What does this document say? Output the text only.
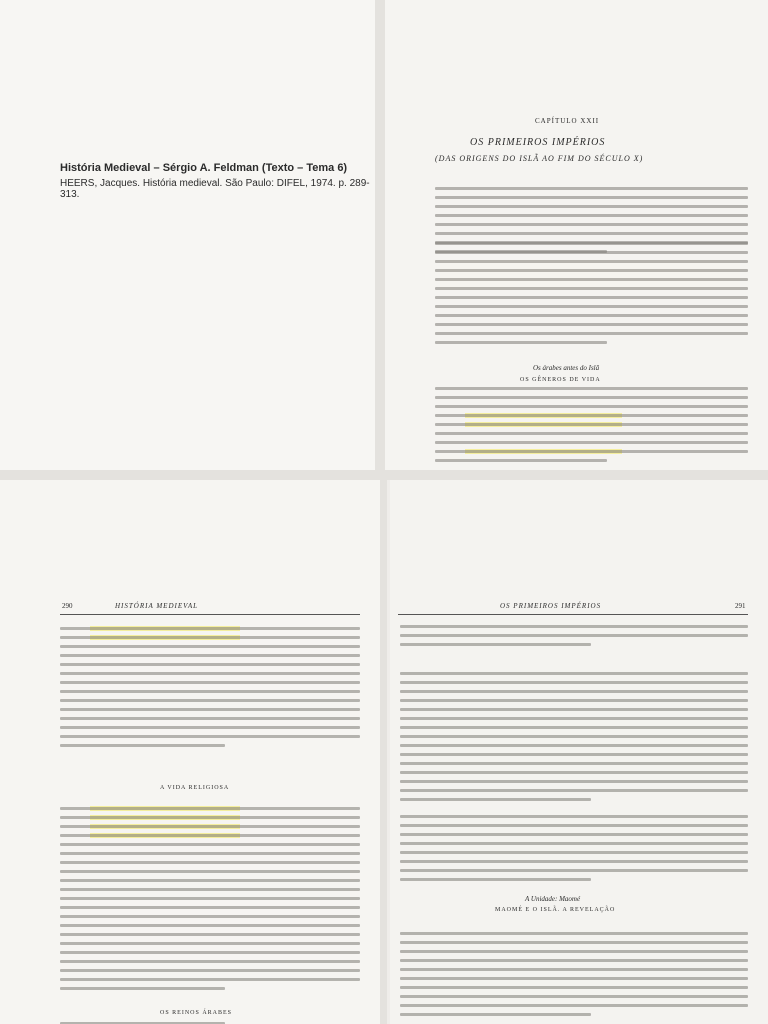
História Medieval – Sérgio A. Feldman (Texto – Tema 6)
HEERS, Jacques. História medieval. São Paulo: DIFEL, 1974. p. 289-313.
CAPÍTULO XXII
OS PRIMEIROS IMPÉRIOS
(DAS ORIGENS DO ISLÃ AO FIM DO SÉCULO X)
Os árabes antes do Islã
OS GÊNEROS DE VIDA
A VIDA RELIGIOSA
OS REINOS ÁRABES
290	HISTÓRIA MEDIEVAL
A Unidade: Maomé
MAOMÉ E O ISLÃ. A REVELAÇÃO
OS PRIMEIROS IMPÉRIOS	291
